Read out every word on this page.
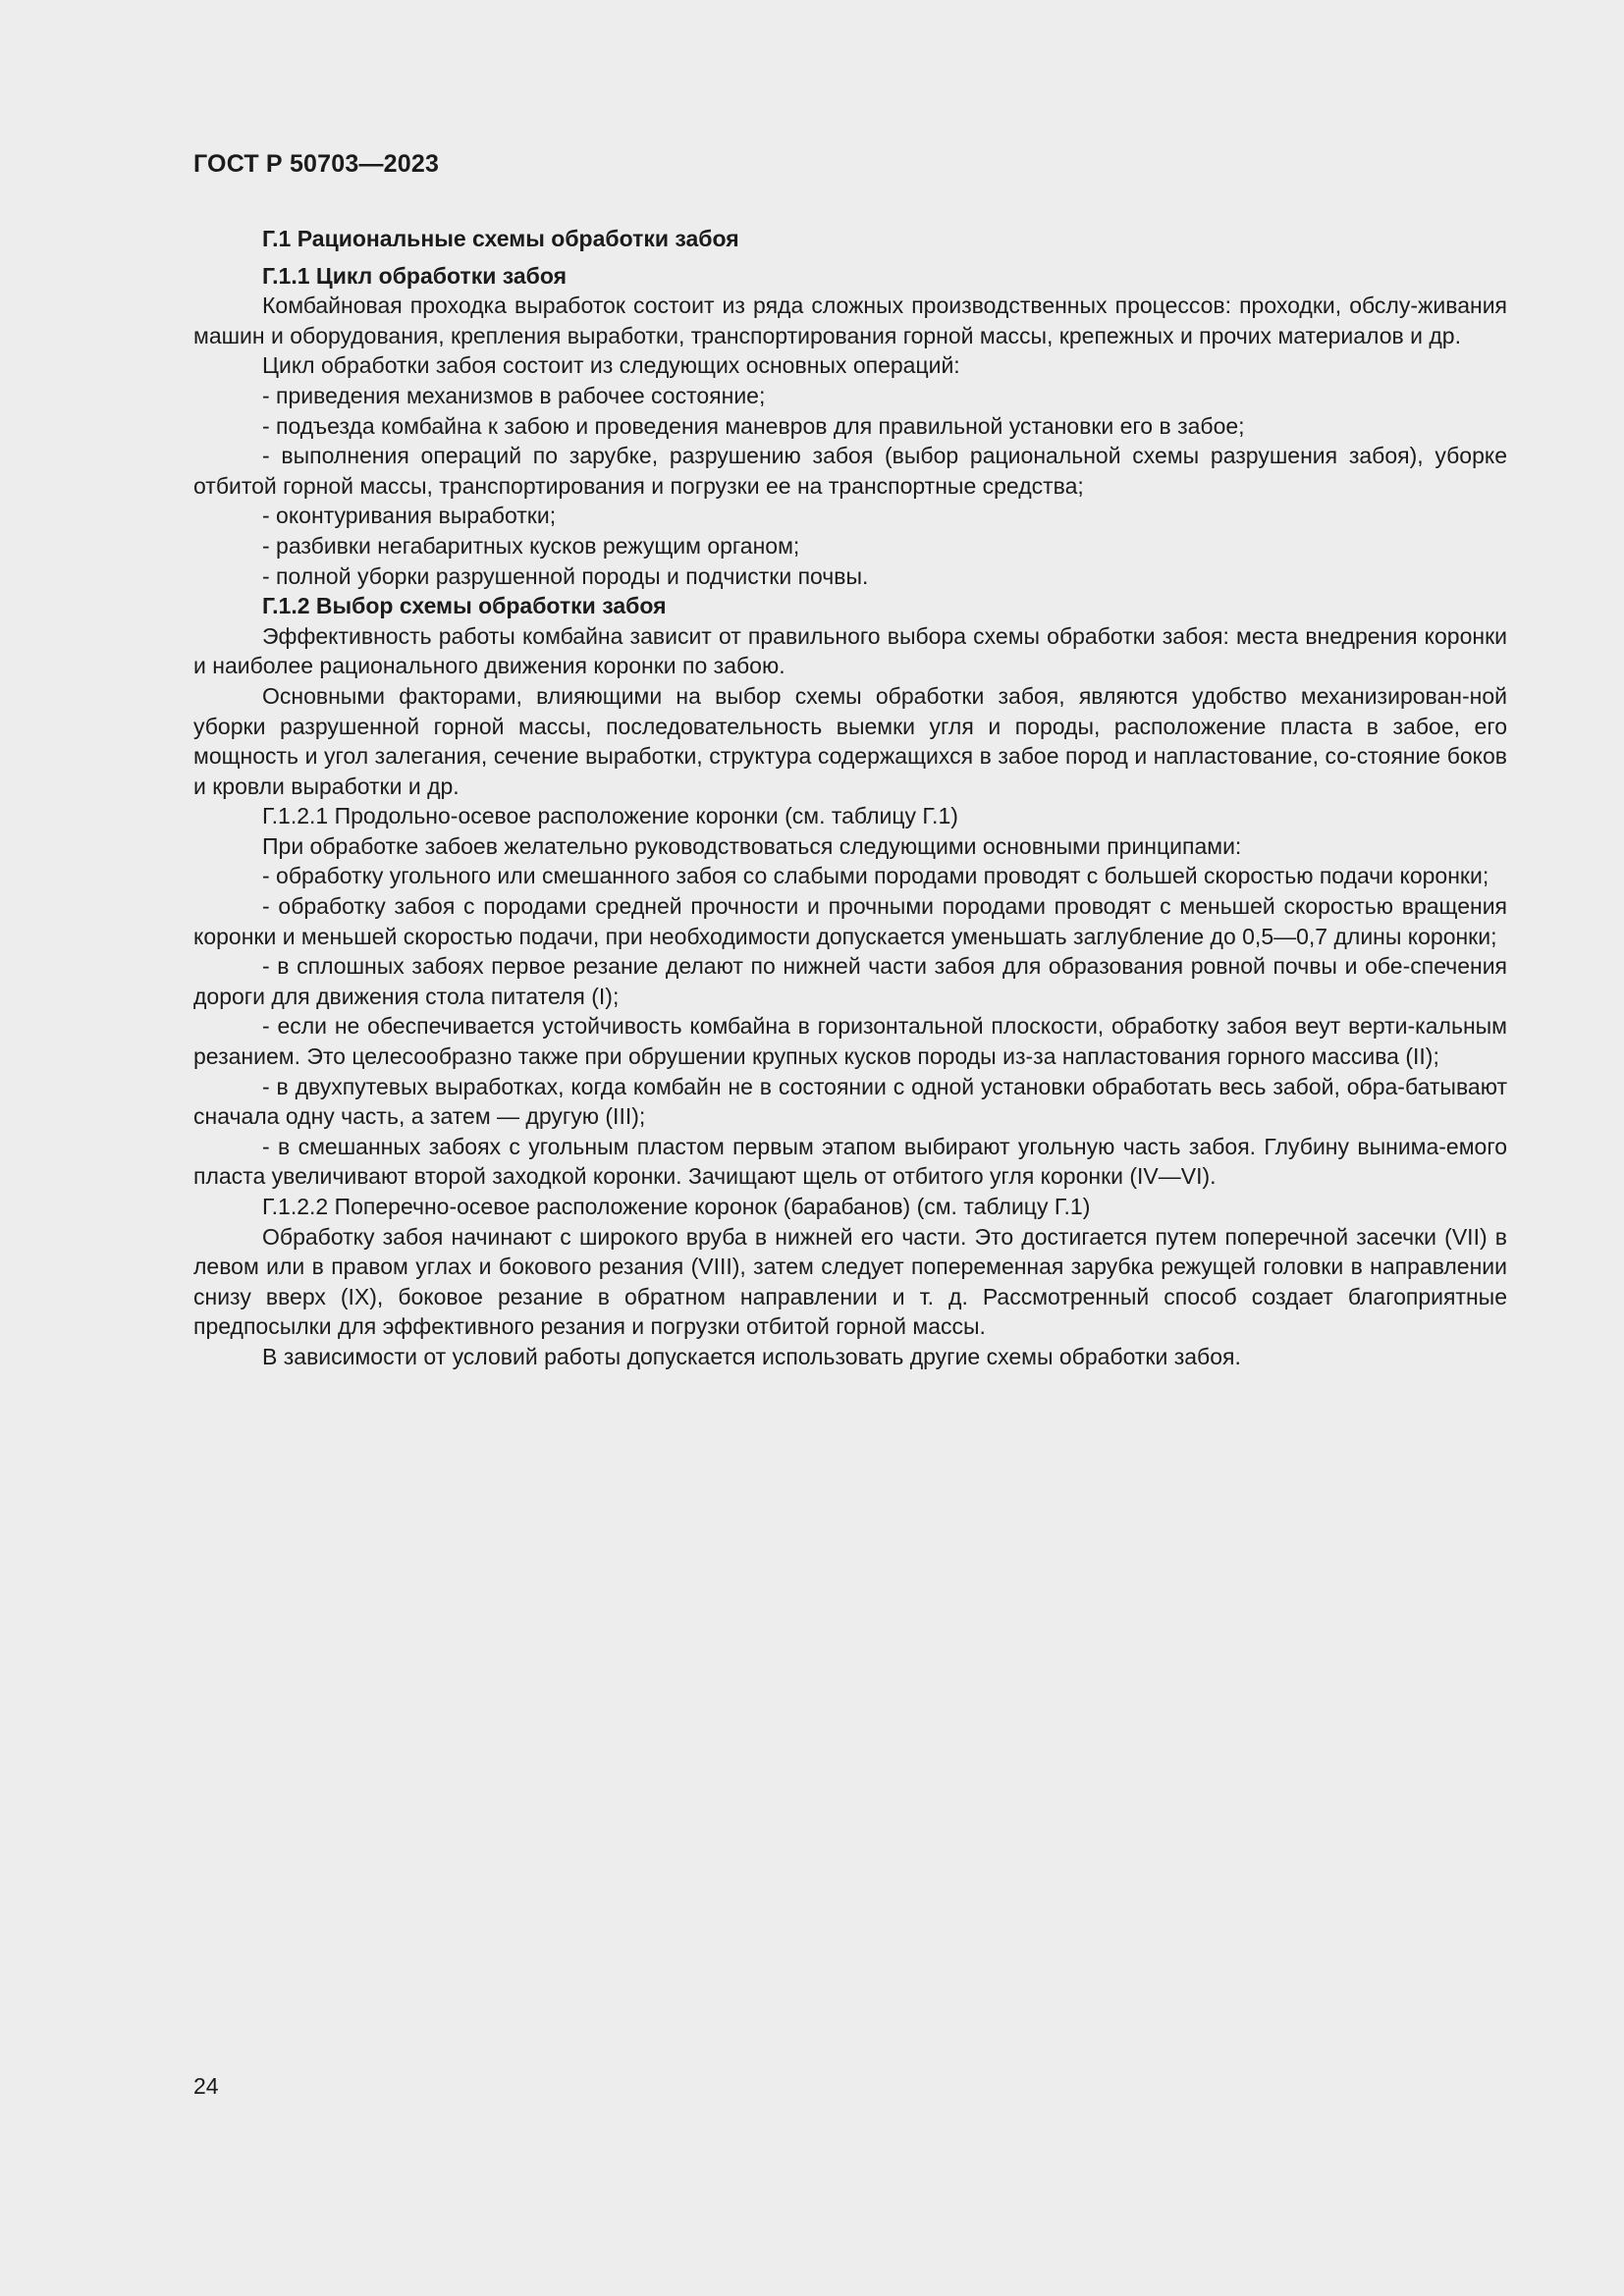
ГОСТ Р 50703—2023

Г.1 Рациональные схемы обработки забоя

Г.1.1 Цикл обработки забоя

Комбайновая проходка выработок состоит из ряда сложных производственных процессов: проходки, обслу-живания машин и оборудования, крепления выработки, транспортирования горной массы, крепежных и прочих материалов и др.

Цикл обработки забоя состоит из следующих основных операций:

- приведения механизмов в рабочее состояние;

- подъезда комбайна к забою и проведения маневров для правильной установки его в забое;

- выполнения операций по зарубке, разрушению забоя (выбор рациональной схемы разрушения забоя), уборке отбитой горной массы, транспортирования и погрузки ее на транспортные средства;

- оконтуривания выработки;

- разбивки негабаритных кусков режущим органом;

- полной уборки разрушенной породы и подчистки почвы.

Г.1.2 Выбор схемы обработки забоя

Эффективность работы комбайна зависит от правильного выбора схемы обработки забоя: места внедрения коронки и наиболее рационального движения коронки по забою.

Основными факторами, влияющими на выбор схемы обработки забоя, являются удобство механизирован-ной уборки разрушенной горной массы, последовательность выемки угля и породы, расположение пласта в забое, его мощность и угол залегания, сечение выработки, структура содержащихся в забое пород и напластование, со-стояние боков и кровли выработки и др.

Г.1.2.1 Продольно-осевое расположение коронки (см. таблицу Г.1)

При обработке забоев желательно руководствоваться следующими основными принципами:

- обработку угольного или смешанного забоя со слабыми породами проводят с большей скоростью подачи коронки;

- обработку забоя с породами средней прочности и прочными породами проводят с меньшей скоростью вращения коронки и меньшей скоростью подачи, при необходимости допускается уменьшать заглубление до 0,5—0,7 длины коронки;

- в сплошных забоях первое резание делают по нижней части забоя для образования ровной почвы и обе-спечения дороги для движения стола питателя (I);

- если не обеспечивается устойчивость комбайна в горизонтальной плоскости, обработку забоя веут верти-кальным резанием. Это целесообразно также при обрушении крупных кусков породы из-за напластования горного массива (II);

- в двухпутевых выработках, когда комбайн не в состоянии с одной установки обработать весь забой, обра-батывают сначала одну часть, а затем — другую (III);

- в смешанных забоях с угольным пластом первым этапом выбирают угольную часть забоя. Глубину вынима-емого пласта увеличивают второй заходкой коронки. Зачищают щель от отбитого угля коронки (IV—VI).

Г.1.2.2 Поперечно-осевое расположение коронок (барабанов) (см. таблицу Г.1)

Обработку забоя начинают с широкого вруба в нижней его части. Это достигается путем поперечной засечки (VII) в левом или в правом углах и бокового резания (VIII), затем следует попеременная зарубка режущей головки в направлении снизу вверх (IX), боковое резание в обратном направлении и т. д. Рассмотренный способ создает благоприятные предпосылки для эффективного резания и погрузки отбитой горной массы.

В зависимости от условий работы допускается использовать другие схемы обработки забоя.

24
